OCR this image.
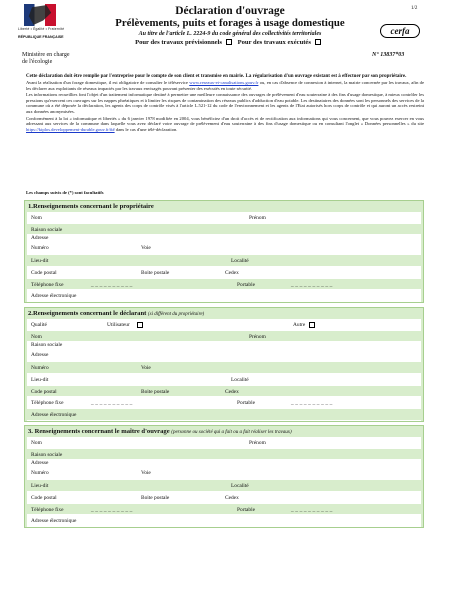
Liberté • Égalité • Fraternité
RÉPUBLIQUE FRANÇAISE
Ministère en charge
de l'écologie
Déclaration d'ouvrage
Prélèvements, puits et forages à usage domestique
Au titre de l'article L. 2224-9 du code général des collectivités territoriales
Pour des travaux prévisionnels Pour des travaux exécutés
1/2
cerfa
N° 13837*03
Cette déclaration doit être remplie par l'entreprise pour le compte de son client et transmise en mairie. La régularisation d'un ouvrage existant est à effectuer par son propriétaire.

Avant la réalisation d'un forage domestique, il est obligatoire de consulter le téléservice www.reseaux-et-canalisations.gouv.fr ou, en cas d'absence de connexion à internet, la mairie concernée par les travaux, afin de les déclarer aux exploitants de réseaux impactés par les travaux envisagés pouvant présenter des exécutés en toute sécurité.

Les informations recueillies font l'objet d'un traitement informatique destiné à permettre une meilleure connaissance des ouvrages de prélèvement d'eau souterraine à des fins d'usage domestique, à mieux contrôler les pressions qu'exercent ces ouvrages sur les nappes phréatiques et à limiter les risques de contamination des réseaux publics d'adduction d'eau potable. Les destinataires des données sont les personnels des services de la commune où a été déposée la déclaration, les agents des corps de contrôle visés à l'article L.521-12 du code de l'environnement et les agents de l'Etat autorisés hors corps de contrôle et qui auront un accès restreint aux données anonymisées.

Conformément à la loi « informatique et libertés » du 6 janvier 1978 modifiée en 2004, vous bénéficiez d'un droit d'accès et de rectification aux informations qui vous concernent, que vous pouvez exercer en vous adressant aux services de la commune dans laquelle vous avez déclaré votre ouvrage de prélèvement d'eau souterraine à des fins d'usage domestique ou en consultant l'onglet « Données personnelles » du site https://kiplos.developpement-durable.gouv.fr/## dans le cas d'une télé-déclaration.

Les champs suivis de (*) sont facultatifs
1.Renseignements concernant le propriétaire
Nom	Prénom
Raison sociale
Adresse
Numéro	Voie
Lieu-dit	Localité
Code postal	Boite postale	Cedex
Téléphone fixe	__________	Portable	__________
Adresse électronique
2.Renseignements concernant le déclarant (si différent du propriétaire)
Qualité	Utilisateur	Autre
Nom	Prénom
Raison sociale
Adresse
Numéro	Voie
Lieu-dit	Localité
Code postal	Boite postale	Cedex
Téléphone fixe	__________	Portable	__________
Adresse électronique
3. Renseignements concernant le maître d'ouvrage (personne ou société qui a fait ou a fait réaliser les travaux)
Nom	Prénom
Raison sociale
Adresse
Numéro	Voie
Lieu-dit	Localité
Code postal	Boite postale	Cedex
Téléphone fixe	__________	Portable	__________
Adresse électronique
